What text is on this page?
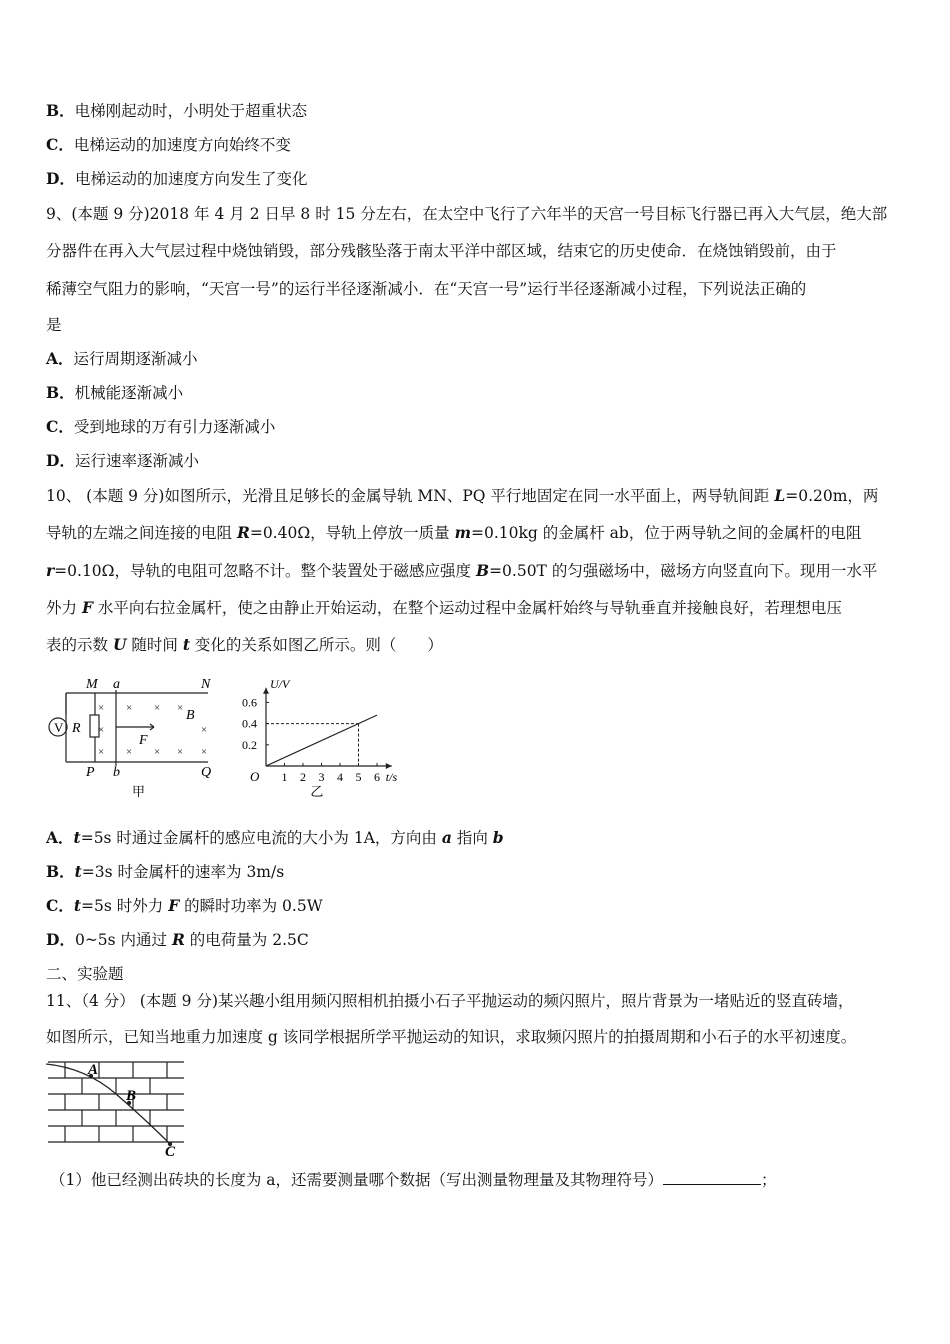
B．电梯刚起动时，小明处于超重状态
C．电梯运动的加速度方向始终不变
D．电梯运动的加速度方向发生了变化
9、(本题 9 分)2018 年 4 月 2 日早 8 时 15 分左右，在太空中飞行了六年半的天宫一号目标飞行器已再入大气层，绝大部
分器件在再入大气层过程中烧蚀销毁，部分残骸坠落于南太平洋中部区域，结束它的历史使命．在烧蚀销毁前，由于
稀薄空气阻力的影响，“天宫一号”的运行半径逐渐减小．在“天宫一号”运行半径逐渐减小过程，下列说法正确的
是
A．运行周期逐渐减小
B．机械能逐渐减小
C．受到地球的万有引力逐渐减小
D．运行速率逐渐减小
10、 (本题 9 分)如图所示，光滑且足够长的金属导轨 MN、PQ 平行地固定在同一水平面上，两导轨间距 L=0.20m，两
导轨的左端之间连接的电阻 R=0.40Ω，导轨上停放一质量 m=0.10kg 的金属杆 ab，位于两导轨之间的金属杆的电阻
r=0.10Ω，导轨的电阻可忽略不计。整个装置处于磁感应强度 B=0.50T 的匀强磁场中，磁场方向竖直向下。现用一水平
外力 F 水平向右拉金属杆，使之由静止开始运动，在整个运动过程中金属杆始终与导轨垂直并接触良好，若理想电压
表的示数 U 随时间 t 变化的关系如图乙所示。则（　　）
V R
M a	N
P b	Q
B
F
× × × ×
×	×
× × × × ×
甲
1 2 3 4 5 6
0.2
0.4
0.6
U/V
t/s
O
乙
A．t=5s 时通过金属杆的感应电流的大小为 1A，方向由 a 指向 b
B．t=3s 时金属杆的速率为 3m/s
C．t=5s 时外力 F 的瞬时功率为 0.5W
D．0~5s 内通过 R 的电荷量为 2.5C
二、实验题
11、（4 分） (本题 9 分)某兴趣小组用频闪照相机拍摄小石子平抛运动的频闪照片，照片背景为一堵贴近的竖直砖墙，
如图所示，已知当地重力加速度 g 该同学根据所学平抛运动的知识，求取频闪照片的拍摄周期和小石子的水平初速度。
A
B
C
（1）他已经测出砖块的长度为 a，还需要测量哪个数据（写出测量物理量及其物理符号）	；
